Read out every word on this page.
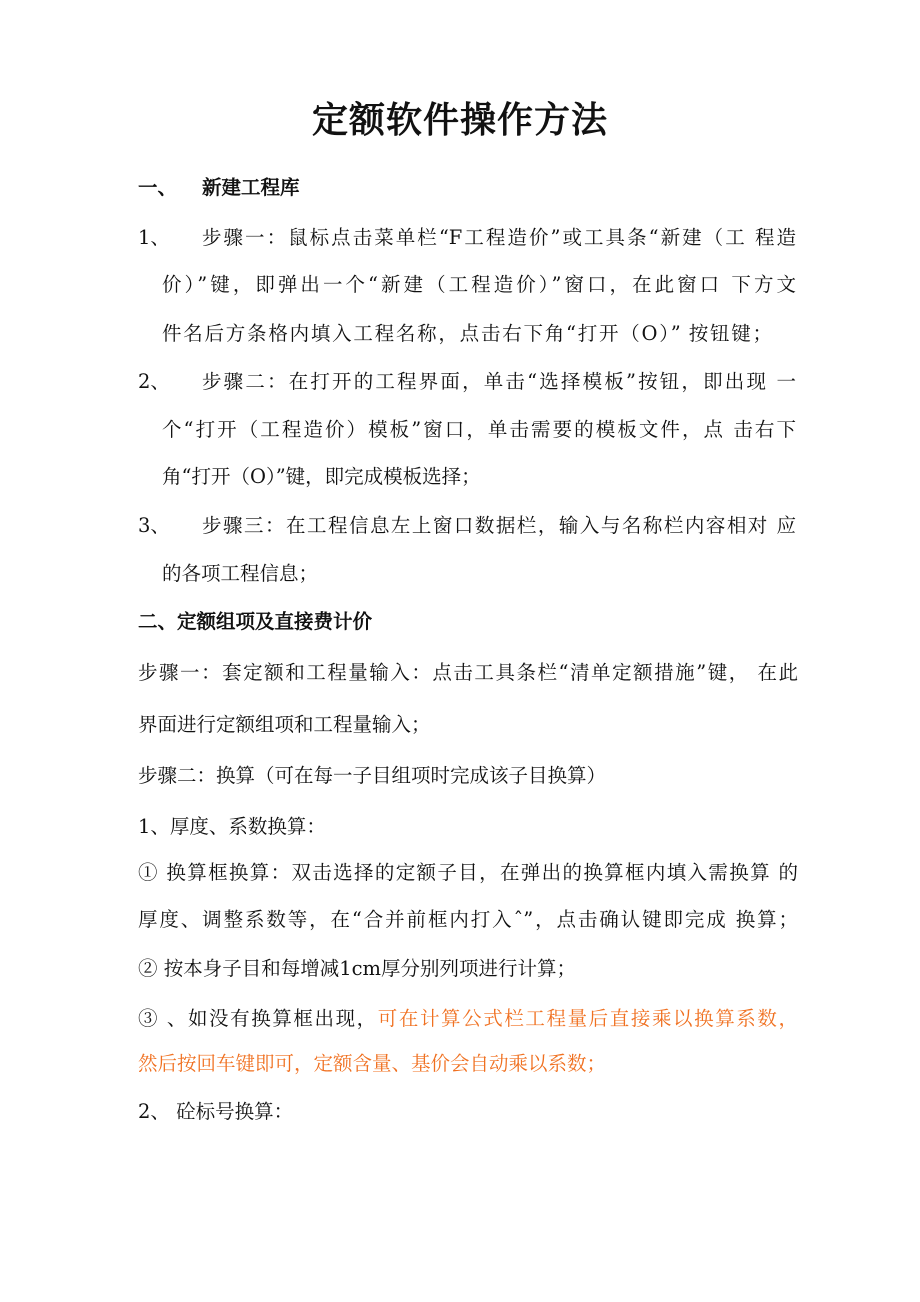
定额软件操作方法
一、 新建工程库
1、 步骤一：鼠标点击菜单栏“F工程造价”或工具条“新建（工 程造
价）”键，即弹出一个“新建（工程造价）”窗口，在此窗口 下方文
件名后方条格内填入工程名称，点击右下角“打开（O）” 按钮键；
2、 步骤二：在打开的工程界面，单击“选择模板”按钮，即出现 一
个“打开（工程造价）模板”窗口，单击需要的模板文件，点 击右下
角“打开（O）”键，即完成模板选择；
3、 步骤三：在工程信息左上窗口数据栏，输入与名称栏内容相对 应
的各项工程信息；
二、定额组项及直接费计价
步骤一：套定额和工程量输入：点击工具条栏“清单定额措施”键， 在此
界面进行定额组项和工程量输入；
步骤二：换算（可在每一子目组项时完成该子目换算）
1、厚度、系数换算：
① 换算框换算：双击选择的定额子目，在弹出的换算框内填入需换算 的
厚度、调整系数等，在“合并前框内打入ˆ”，点击确认键即完成 换算；
② 按本身子目和每增减1cm厚分别列项进行计算；
③ 、如没有换算框出现，可在计算公式栏工程量后直接乘以换算系数，
然后按回车键即可，定额含量、基价会自动乘以系数；
2、 砼标号换算：
